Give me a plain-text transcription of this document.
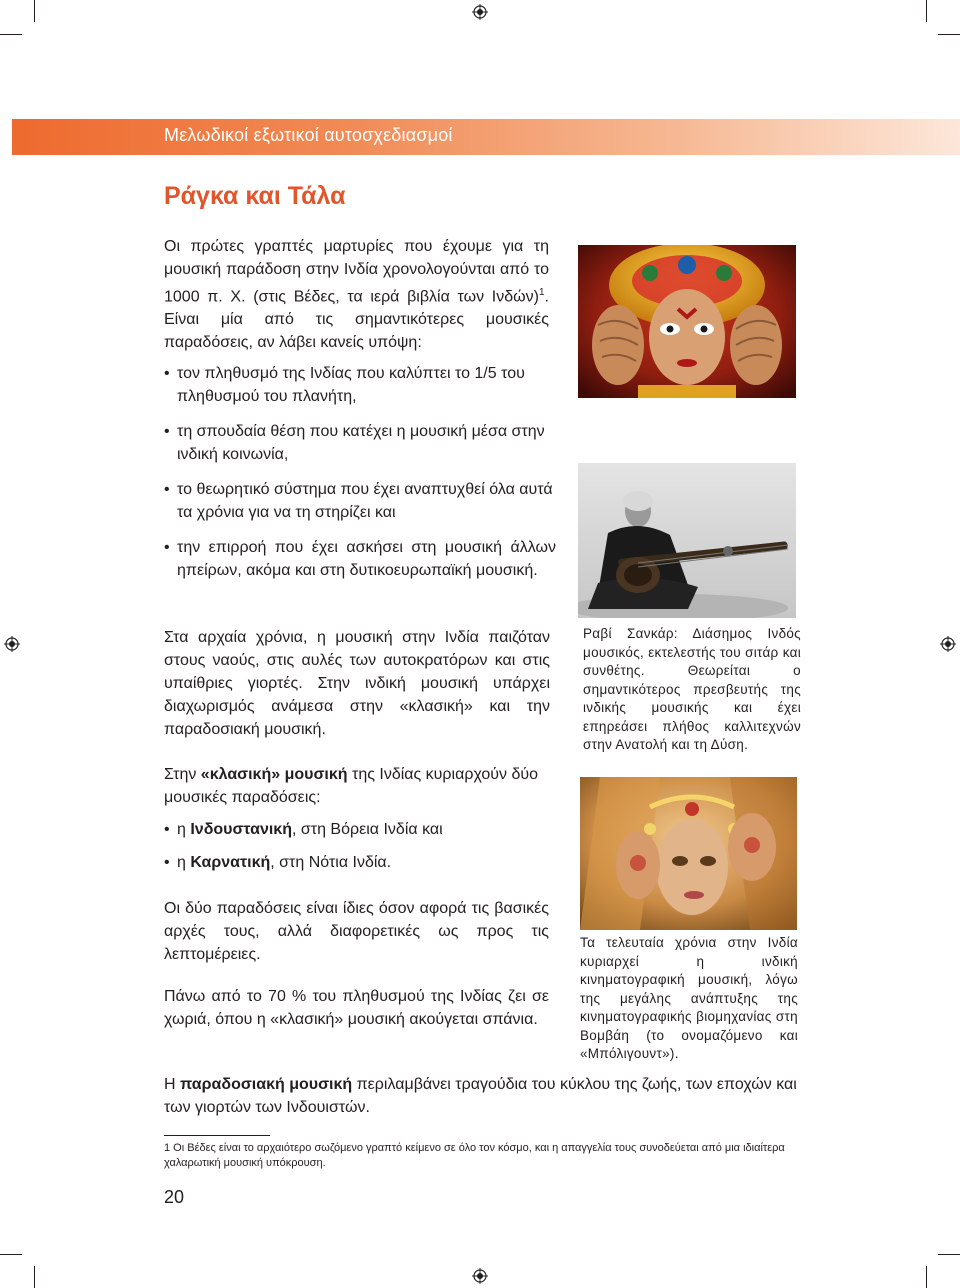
Μελωδικοί εξωτικοί αυτοσχεδιασμοί
Ράγκα και Τάλα
Οι πρώτες γραπτές μαρτυρίες που έχουμε για τη μουσική παράδοση στην Ινδία χρονολογούνται από το 1000 π. Χ. (στις Βέδες, τα ιερά βιβλία των Ινδών)$^1$. Είναι μία από τις σημαντικότερες μουσικές παραδόσεις, αν λάβει κανείς υπόψη:
• τον πληθυσμό της Ινδίας που καλύπτει το 1/5 του πληθυσμού του πλανήτη,
• τη σπουδαία θέση που κατέχει η μουσική μέσα στην ινδική κοινωνία,
• το θεωρητικό σύστημα που έχει αναπτυχθεί όλα αυτά τα χρόνια για να τη στηρίζει και
• την επιρροή που έχει ασκήσει στη μουσική άλλων ηπείρων, ακόμα και στη δυτικοευρωπαϊκή μουσική.
Στα αρχαία χρόνια, η μουσική στην Ινδία παιζόταν στους ναούς, στις αυλές των αυτοκρατόρων και στις υπαίθριες γιορτές. Στην ινδική μουσική υπάρχει διαχωρισμός ανάμεσα στην «κλασική» και την παραδοσιακή μουσική.
Στην «κλασική» μουσική της Ινδίας κυριαρχούν δύο μουσικές παραδόσεις:
• η Ινδουστανική, στη Βόρεια Ινδία και
• η Καρνατική, στη Νότια Ινδία.
Οι δύο παραδόσεις είναι ίδιες όσον αφορά τις βασικές αρχές τους, αλλά διαφορετικές ως προς τις λεπτομέρειες.
Πάνω από το 70 % του πληθυσμού της Ινδίας ζει σε χωριά, όπου η «κλασική» μουσική ακούγεται σπάνια.
Η παραδοσιακή μουσική περιλαμβάνει τραγούδια του κύκλου της ζωής, των εποχών και των γιορτών των Ινδουιστών.
Ραβί Σανκάρ: Διάσημος Ινδός μουσικός, εκτελεστής του σιτάρ και συνθέτης. Θεωρείται ο σημαντικότερος πρεσβευτής της ινδικής μουσικής και έχει επηρεάσει πλήθος καλλιτεχνών στην Ανατολή και τη Δύση.
Τα τελευταία χρόνια στην Ινδία κυριαρχεί η ινδική κινηματογραφική μουσική, λόγω της μεγάλης ανάπτυξης της κινηματογραφικής βιομηχανίας στη Βομβάη (το ονομαζόμενο και «Μπόλιγουντ»).
1 Οι Βέδες είναι το αρχαιότερο σωζόμενο γραπτό κείμενο σε όλο τον κόσμο, και η απαγγελία τους συνοδεύεται από μια ιδιαίτερα χαλαρωτική μουσική υπόκρουση.
20
